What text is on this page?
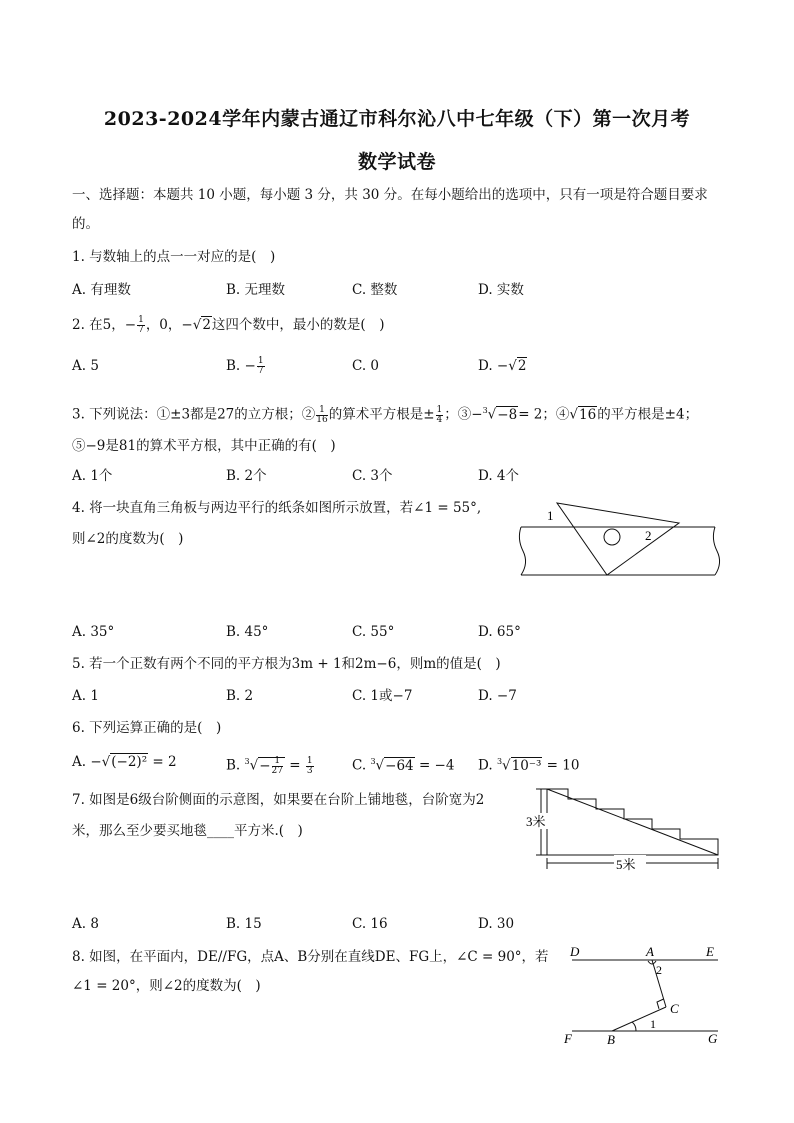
2023-2024学年内蒙古通辽市科尔沁八中七年级（下）第一次月考
数学试卷
一、选择题：本题共 10 小题，每小题 3 分，共 30 分。在每小题给出的选项中，只有一项是符合题目要求
的。
1. 与数轴上的点一一对应的是(　)
A. 有理数	B. 无理数	C. 整数	D. 实数
2. 在5，− $\frac{1}{7}$ ，0，−√2这四个数中，最小的数是(　)
A. 5	B. − $\frac{1}{7}$	C. 0	D. −√2
3. 下列说法：①±3都是27的立方根；② $\frac{1}{16}$ 的算术平方根是± $\frac{1}{4}$ ；③−$^3$√−8= 2；④√16的平方根是±4；
⑤−9是81的算术平方根，其中正确的有(　)
A. 1个	B. 2个	C. 3个	D. 4个
4. 将一块直角三角板与两边平行的纸条如图所示放置，若∠1 = 55°,
则∠2的度数为(　)
1
2
A. 35°	B. 45°	C. 55°	D. 65°
5. 若一个正数有两个不同的平方根为3m + 1和2m−6，则m的值是(　)
A. 1	B. 2	C. 1或−7	D. −7
6. 下列运算正确的是(　)
A. −√(−2)² = 2	B. $^3√- \frac{1}{27} = \frac{1}{3}$	C. $^3$√−64 = −4 D. $^3$√10⁻³ = 10
7. 如图是6级台阶侧面的示意图，如果要在台阶上铺地毯，台阶宽为2
米，那么至少要买地毯____平方米.(　)
3米
5米
A. 8	B. 15	C. 16	D. 30
8. 如图，在平面内，DE//FG，点A、B分别在直线DE、FG上，∠C = 90°，若
∠1 = 20°，则∠2的度数为(　)
D	A	E
2
C
1
F	B	G
